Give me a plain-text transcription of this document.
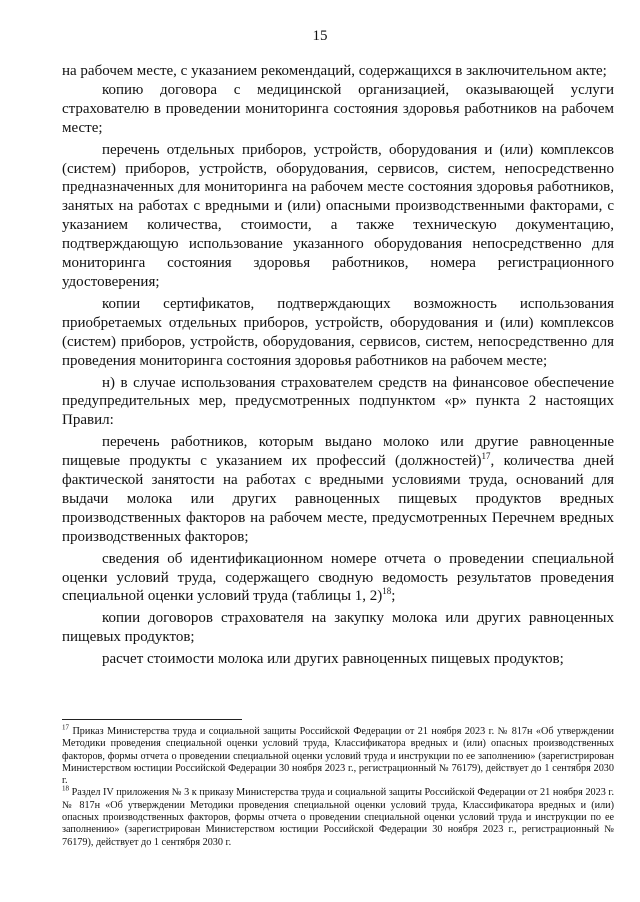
15

на рабочем месте, с указанием рекомендаций, содержащихся в заключительном акте;

копию договора с медицинской организацией, оказывающей услуги страхователю в проведении мониторинга состояния здоровья работников на рабочем месте;

перечень отдельных приборов, устройств, оборудования и (или) комплексов (систем) приборов, устройств, оборудования, сервисов, систем, непосредственно предназначенных для мониторинга на рабочем месте состояния здоровья работников, занятых на работах с вредными и (или) опасными производственными факторами, с указанием количества, стоимости, а также техническую документацию, подтверждающую использование указанного оборудования непосредственно для мониторинга состояния здоровья работников, номера регистрационного удостоверения;

копии сертификатов, подтверждающих возможность использования приобретаемых отдельных приборов, устройств, оборудования и (или) комплексов (систем) приборов, устройств, оборудования, сервисов, систем, непосредственно для проведения мониторинга состояния здоровья работников на рабочем месте;

н) в случае использования страхователем средств на финансовое обеспечение предупредительных мер, предусмотренных подпунктом «р» пункта 2 настоящих Правил:

перечень работников, которым выдано молоко или другие равноценные пищевые продукты с указанием их профессий (должностей)$^{17}$, количества дней фактической занятости на работах с вредными условиями труда, оснований для выдачи молока или других равноценных пищевых продуктов вредных производственных факторов на рабочем месте, предусмотренных Перечнем вредных производственных факторов;

сведения об идентификационном номере отчета о проведении специальной оценки условий труда, содержащего сводную ведомость результатов проведения специальной оценки условий труда (таблицы 1, 2)$^{18}$;

копии договоров страхователя на закупку молока или других равноценных пищевых продуктов;

расчет стоимости молока или других равноценных пищевых продуктов;

$^{17}$ Приказ Министерства труда и социальной защиты Российской Федерации от 21 ноября 2023 г. № 817н «Об утверждении Методики проведения специальной оценки условий труда, Классификатора вредных и (или) опасных производственных факторов, формы отчета о проведении специальной оценки условий труда и инструкции по ее заполнению» (зарегистрирован Министерством юстиции Российской Федерации 30 ноября 2023 г., регистрационный № 76179), действует до 1 сентября 2030 г.

$^{18}$ Раздел IV приложения № 3 к приказу Министерства труда и социальной защиты Российской Федерации от 21 ноября 2023 г. № 817н «Об утверждении Методики проведения специальной оценки условий труда, Классификатора вредных и (или) опасных производственных факторов, формы отчета о проведении специальной оценки условий труда и инструкции по ее заполнению» (зарегистрирован Министерством юстиции Российской Федерации 30 ноября 2023 г., регистрационный № 76179), действует до 1 сентября 2030 г.
